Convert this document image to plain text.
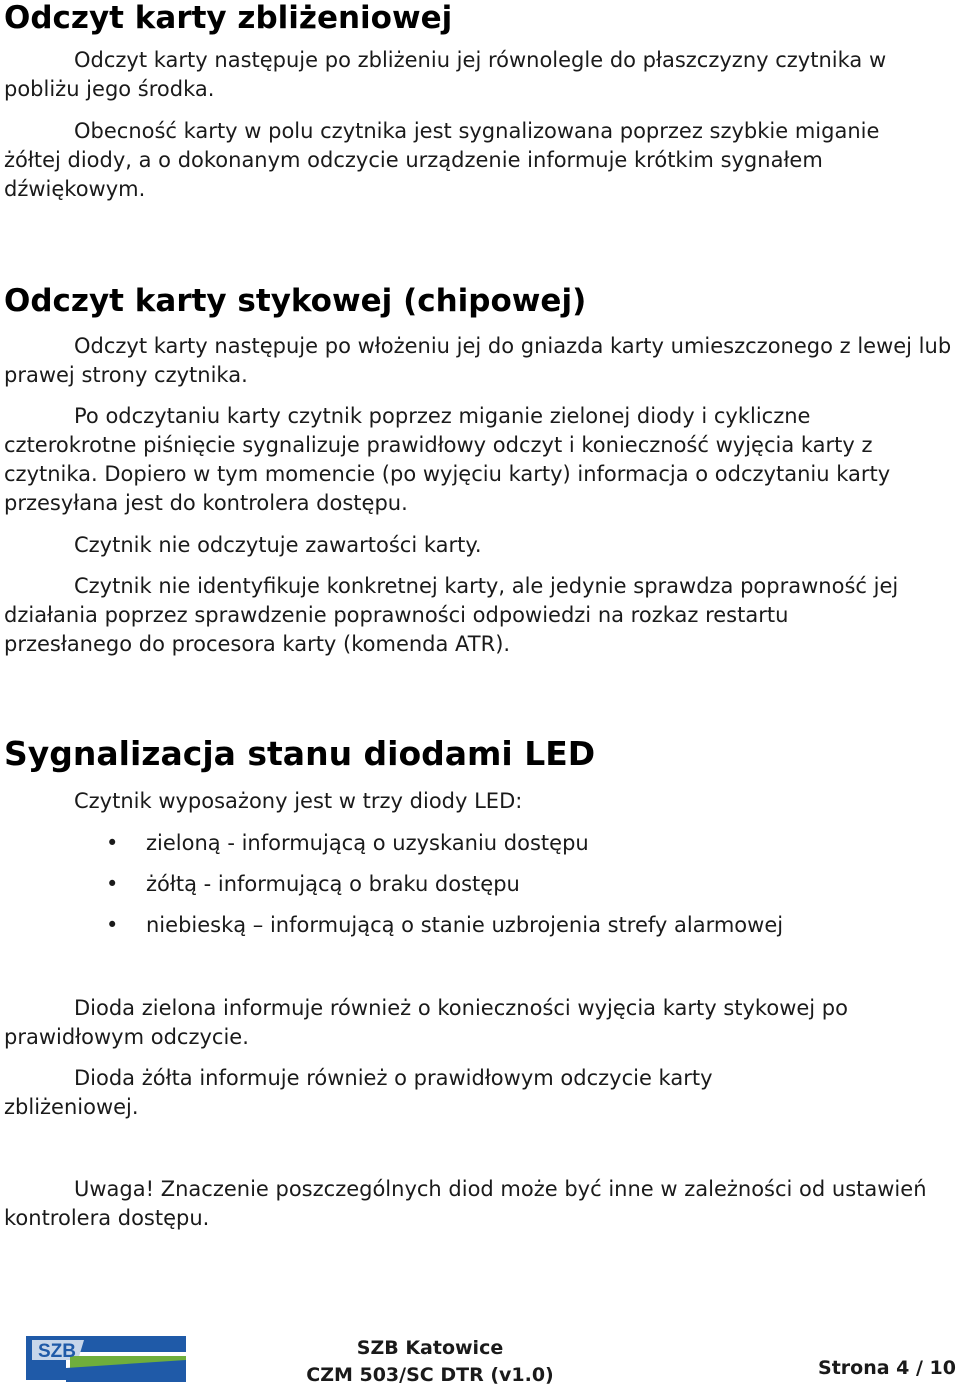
Odczyt karty zbliżeniowej

Odczyt karty następuje po zbliżeniu jej równolegle do płaszczyzny czytnika w pobliżu jego środka.

Obecność karty w polu czytnika jest sygnalizowana poprzez szybkie miganie żółtej diody, a o dokonanym odczycie urządzenie informuje krótkim sygnałem dźwiękowym.

Odczyt karty stykowej (chipowej)

Odczyt karty następuje po włożeniu jej do gniazda karty umieszczonego z lewej lub prawej strony czytnika.

Po odczytaniu karty czytnik poprzez miganie zielonej diody i cykliczne czterokrotne piśnięcie sygnalizuje prawidłowy odczyt i konieczność wyjęcia karty z czytnika. Dopiero w tym momencie (po wyjęciu karty) informacja o odczytaniu karty przesyłana jest do kontrolera dostępu.

Czytnik nie odczytuje zawartości karty.

Czytnik nie identyfikuje konkretnej karty, ale jedynie sprawdza poprawność jej działania poprzez sprawdzenie poprawności odpowiedzi na rozkaz restartu przesłanego do procesora karty (komenda ATR).

Sygnalizacja stanu diodami LED

Czytnik wyposażony jest w trzy diody LED:

• zieloną - informującą o uzyskaniu dostępu
• żółtą - informującą o braku dostępu
• niebieską – informującą o stanie uzbrojenia strefy alarmowej

Dioda zielona informuje również o konieczności wyjęcia karty stykowej po prawidłowym odczycie.

Dioda żółta informuje również o prawidłowym odczycie karty zbliżeniowej.

Uwaga! Znaczenie poszczególnych diod może być inne w zależności od ustawień kontrolera dostępu.

SZB	SZB Katowice
CZM 503/SC DTR (v1.0)	Strona 4 / 10
